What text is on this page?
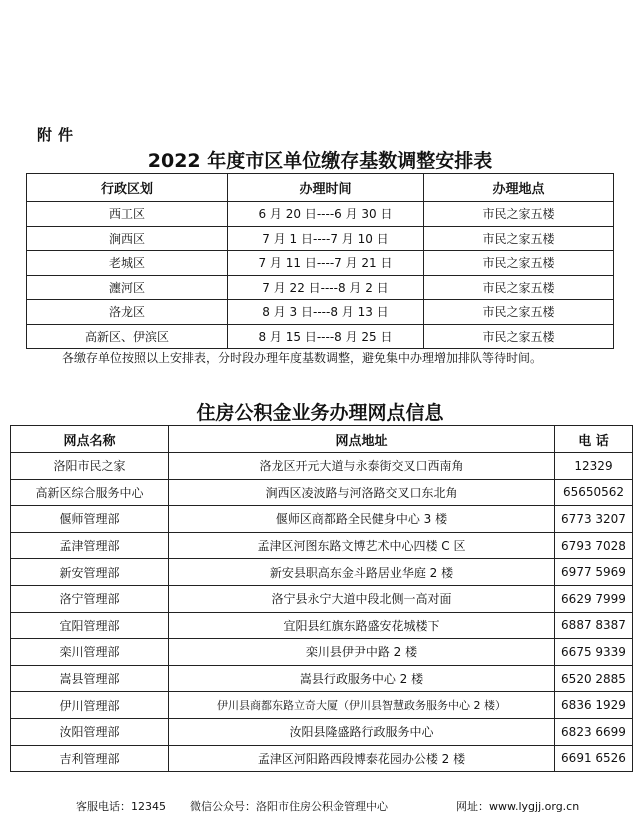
附件
2022 年度市区单位缴存基数调整安排表
行政区划	办理时间	办理地点
西工区	6 月 20 日----6 月 30 日	市民之家五楼
涧西区	7 月 1 日----7 月 10 日	市民之家五楼
老城区	7 月 11 日----7 月 21 日	市民之家五楼
瀍河区	7 月 22 日----8 月 2 日	市民之家五楼
洛龙区	8 月 3 日----8 月 13 日	市民之家五楼
高新区、伊滨区	8 月 15 日----8 月 25 日	市民之家五楼
各缴存单位按照以上安排表，分时段办理年度基数调整，避免集中办理增加排队等待时间。
住房公积金业务办理网点信息
网点名称	网点地址	电 话
洛阳市民之家	洛龙区开元大道与永泰街交叉口西南角	12329
高新区综合服务中心	涧西区凌波路与河洛路交叉口东北角	65650562
偃师管理部	偃师区商都路全民健身中心 3 楼	6773 3207
孟津管理部	孟津区河图东路文博艺术中心四楼 C 区	6793 7028
新安管理部	新安县职高东金斗路居业华庭 2 楼	6977 5969
洛宁管理部	洛宁县永宁大道中段北侧一高对面	6629 7999
宜阳管理部	宜阳县红旗东路盛安花城楼下	6887 8387
栾川管理部	栾川县伊尹中路 2 楼	6675 9339
嵩县管理部	嵩县行政服务中心 2 楼	6520 2885
伊川管理部	伊川县商都东路立奇大厦（伊川县智慧政务服务中心 2 楼）	6836 1929
汝阳管理部	汝阳县隆盛路行政服务中心	6823 6699
吉利管理部	孟津区河阳路西段博泰花园办公楼 2 楼	6691 6526
客服电话：12345 微信公众号：洛阳市住房公积金管理中心	网址：www.lygjj.org.cn
